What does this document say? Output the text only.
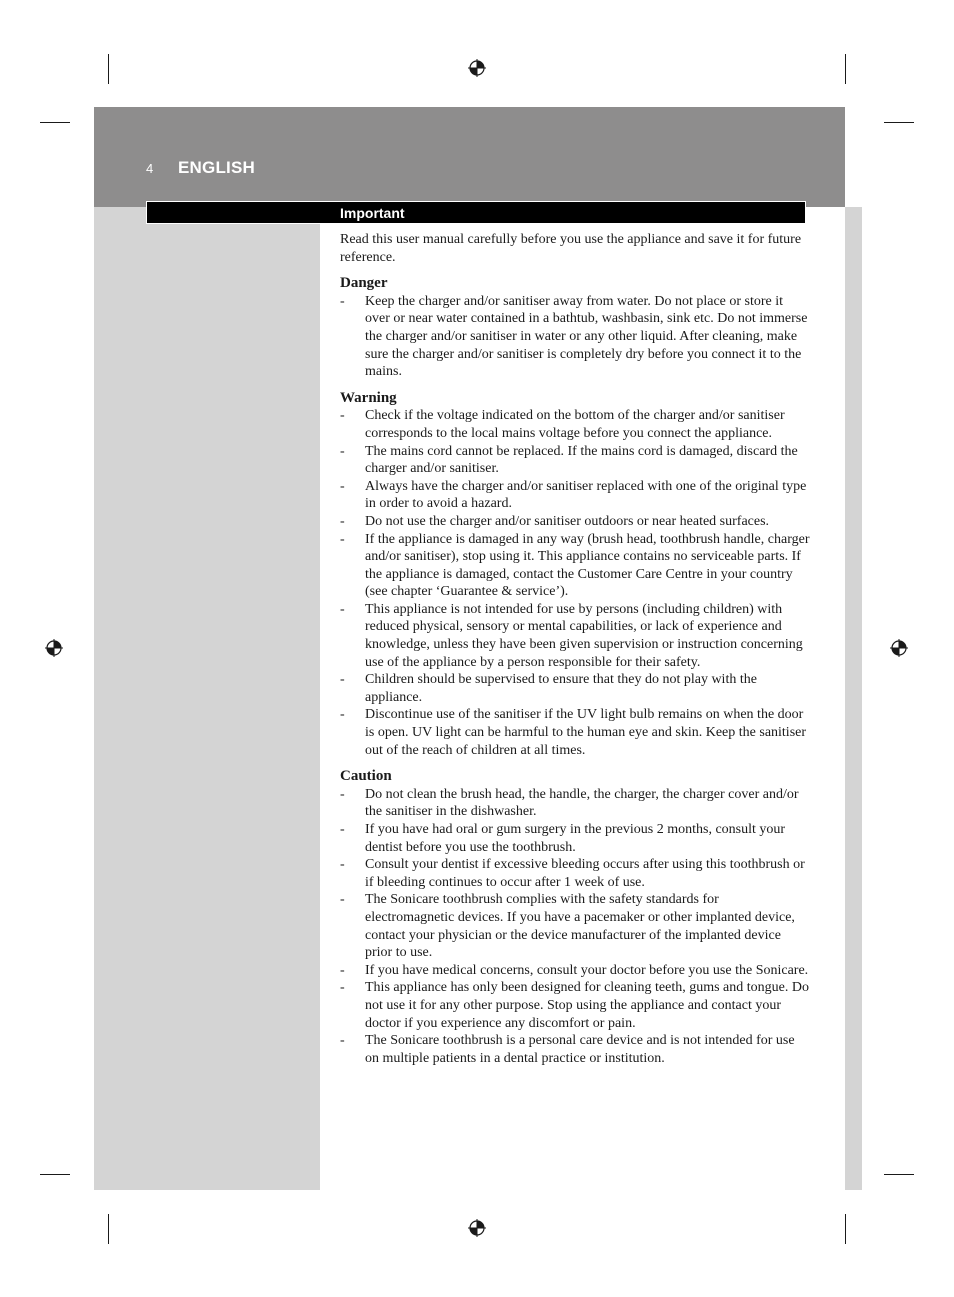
4 ENGLISH
Important

Read this user manual carefully before you use the appliance and save it for future reference.

Danger
- Keep the charger and/or sanitiser away from water. Do not place or store it over or near water contained in a bathtub, washbasin, sink etc. Do not immerse the charger and/or sanitiser in water or any other liquid. After cleaning, make sure the charger and/or sanitiser is completely dry before you connect it to the mains.
Warning
- Check if the voltage indicated on the bottom of the charger and/or sanitiser corresponds to the local mains voltage before you connect the appliance.
- The mains cord cannot be replaced. If the mains cord is damaged, discard the charger and/or sanitiser.
- Always have the charger and/or sanitiser replaced with one of the original type in order to avoid a hazard.
- Do not use the charger and/or sanitiser outdoors or near heated surfaces.
- If the appliance is damaged in any way (brush head, toothbrush handle, charger and/or sanitiser), stop using it. This appliance contains no serviceable parts. If the appliance is damaged, contact the Customer Care Centre in your country (see chapter ‘Guarantee & service’).
- This appliance is not intended for use by persons (including children) with reduced physical, sensory or mental capabilities, or lack of experience and knowledge, unless they have been given supervision or instruction concerning use of the appliance by a person responsible for their safety.
- Children should be supervised to ensure that they do not play with the appliance.
- Discontinue use of the sanitiser if the UV light bulb remains on when the door is open. UV light can be harmful to the human eye and skin. Keep the sanitiser out of the reach of children at all times.
Caution
- Do not clean the brush head, the handle, the charger, the charger cover and/or the sanitiser in the dishwasher.
- If you have had oral or gum surgery in the previous 2 months, consult your dentist before you use the toothbrush.
- Consult your dentist if excessive bleeding occurs after using this toothbrush or if bleeding continues to occur after 1 week of use.
- The Sonicare toothbrush complies with the safety standards for electromagnetic devices. If you have a pacemaker or other implanted device, contact your physician or the device manufacturer of the implanted device prior to use.
- If you have medical concerns, consult your doctor before you use the Sonicare.
- This appliance has only been designed for cleaning teeth, gums and tongue. Do not use it for any other purpose. Stop using the appliance and contact your doctor if you experience any discomfort or pain.
- The Sonicare toothbrush is a personal care device and is not intended for use on multiple patients in a dental practice or institution.
